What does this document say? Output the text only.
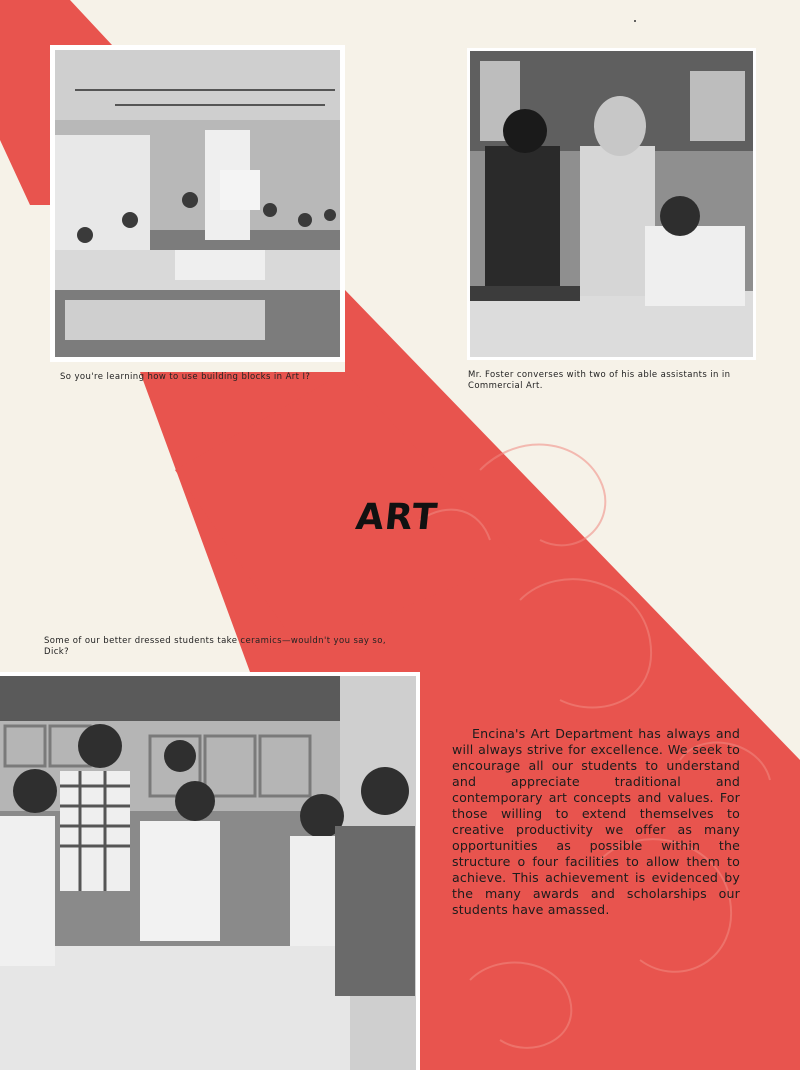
So you're learning how to use building blocks in Art I?	Mr. Foster converses with two of his able assistants in in Commercial Art.
ART
Some of our better dressed students take ceramics—wouldn't you say so, Dick?
Encina's Art Department has always and will always strive for excellence. We seek to encourage all our students to understand and appreciate traditional and contemporary art concepts and values. For those willing to extend themselves to creative productivity we offer as many opportunities as possible within the structure o four facilities to allow them to achieve. This achievement is evidenced by the many awards and scholarships our students have amassed.
